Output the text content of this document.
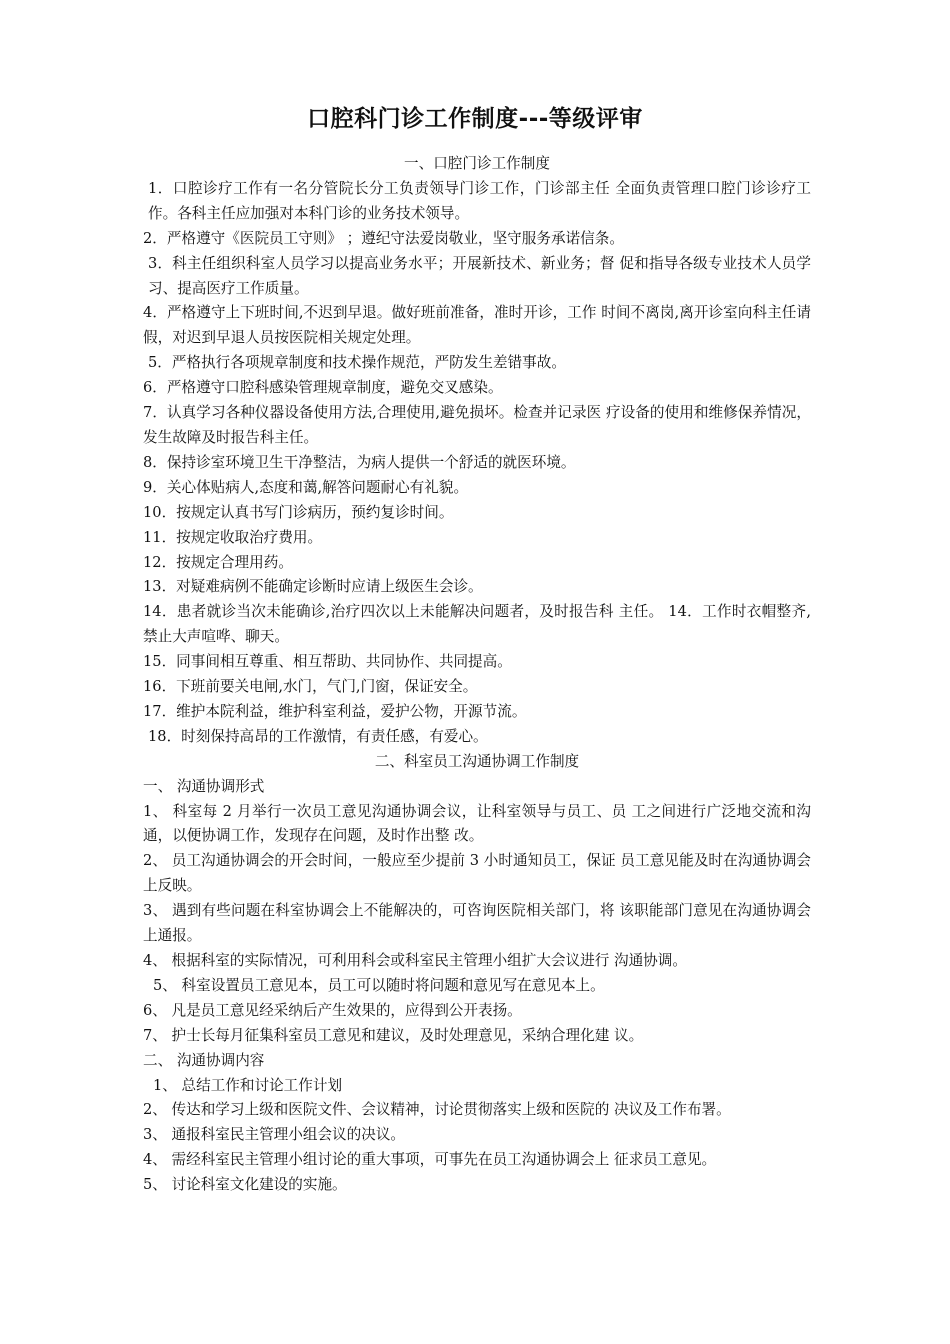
口腔科门诊工作制度---等级评审

一、口腔门诊工作制度

1．口腔诊疗工作有一名分管院长分工负责领导门诊工作，门诊部主任 全面负责管理口腔门诊诊疗工作。各科主任应加强对本科门诊的业务技术领导。

2．严格遵守《医院员工守则》 ；遵纪守法爱岗敬业，坚守服务承诺信条。

3．科主任组织科室人员学习以提高业务水平；开展新技术、新业务；督 促和指导各级专业技术人员学习、提高医疗工作质量。

4．严格遵守上下班时间,不迟到早退。做好班前准备，准时开诊，工作 时间不离岗,离开诊室向科主任请假，对迟到早退人员按医院相关规定处理。

5．严格执行各项规章制度和技术操作规范，严防发生差错事故。

6．严格遵守口腔科感染管理规章制度，避免交叉感染。

7．认真学习各种仪器设备使用方法,合理使用,避免损坏。检查并记录医 疗设备的使用和维修保养情况，发生故障及时报告科主任。

8．保持诊室环境卫生干净整洁，为病人提供一个舒适的就医环境。

9．关心体贴病人,态度和蔼,解答问题耐心有礼貌。

10．按规定认真书写门诊病历，预约复诊时间。

11．按规定收取治疗费用。

12．按规定合理用药。

13．对疑难病例不能确定诊断时应请上级医生会诊。

14．患者就诊当次未能确诊,治疗四次以上未能解决问题者，及时报告科 主任。 14．工作时衣帽整齐,禁止大声喧哗、聊天。

15．同事间相互尊重、相互帮助、共同协作、共同提高。

16．下班前要关电闸,水门，气门,门窗，保证安全。

17．维护本院利益，维护科室利益，爱护公物，开源节流。

18．时刻保持高昂的工作激情，有责任感，有爱心。

二、科室员工沟通协调工作制度

一、 沟通协调形式

1、 科室每 2 月举行一次员工意见沟通协调会议，让科室领导与员工、员 工之间进行广泛地交流和沟通，以便协调工作，发现存在问题，及时作出整 改。

2、 员工沟通协调会的开会时间，一般应至少提前 3 小时通知员工，保证 员工意见能及时在沟通协调会上反映。

3、 遇到有些问题在科室协调会上不能解决的，可咨询医院相关部门，将 该职能部门意见在沟通协调会上通报。

4、 根据科室的实际情况，可利用科会或科室民主管理小组扩大会议进行 沟通协调。

5、 科室设置员工意见本，员工可以随时将问题和意见写在意见本上。

6、 凡是员工意见经采纳后产生效果的，应得到公开表扬。

7、 护士长每月征集科室员工意见和建议，及时处理意见，采纳合理化建 议。

二、 沟通协调内容

1、 总结工作和讨论工作计划

2、 传达和学习上级和医院文件、会议精神，讨论贯彻落实上级和医院的 决议及工作布署。

3、 通报科室民主管理小组会议的决议。

4、 需经科室民主管理小组讨论的重大事项，可事先在员工沟通协调会上 征求员工意见。

5、 讨论科室文化建设的实施。
